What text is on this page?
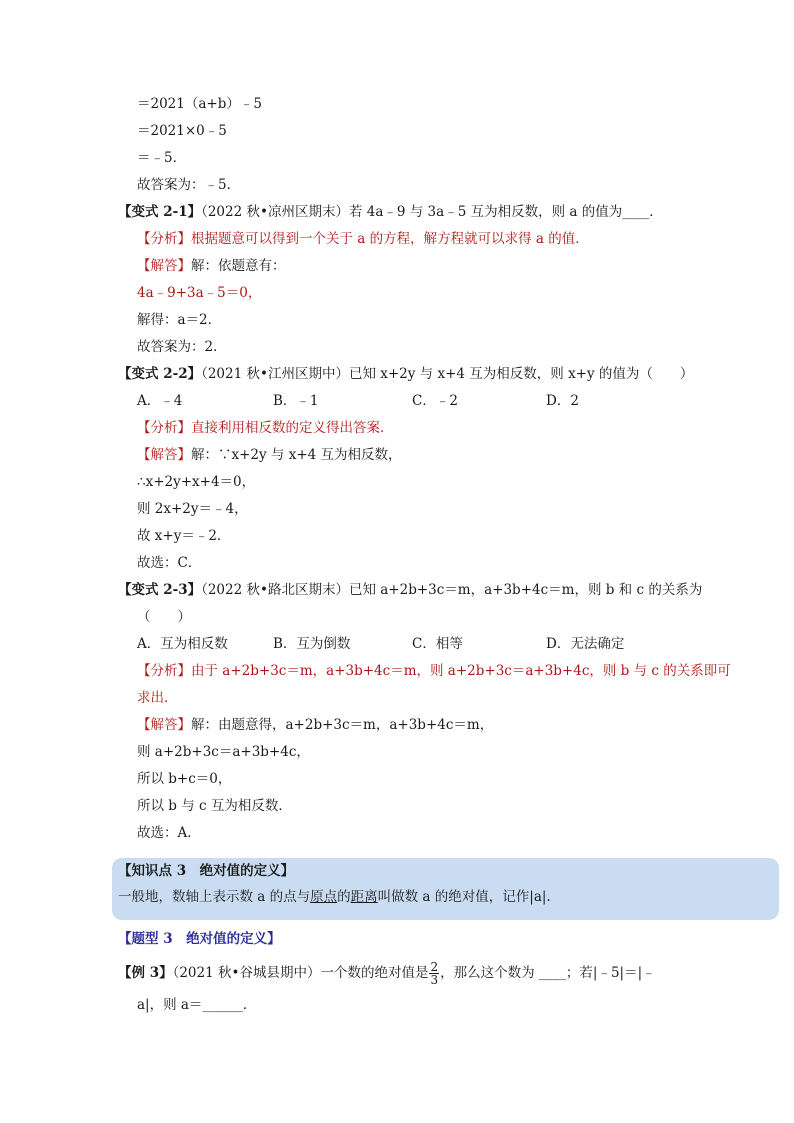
＝2021（a+b）﹣5
＝2021×0﹣5
＝﹣5．
故答案为：﹣5．
【变式 2-1】（2022 秋•凉州区期末）若 4a﹣9 与 3a﹣5 互为相反数，则 a 的值为____．
【分析】根据题意可以得到一个关于 a 的方程，解方程就可以求得 a 的值．
【解答】解：依题意有：
4a﹣9+3a﹣5＝0，
解得：a＝2．
故答案为：2．
【变式 2-2】（2021 秋•江州区期中）已知 x+2y 与 x+4 互为相反数，则 x+y 的值为（　　）
A．﹣4	B．﹣1	C．﹣2	D．2
【分析】直接利用相反数的定义得出答案．
【解答】解：∵x+2y 与 x+4 互为相反数，
∴x+2y+x+4＝0，
则 2x+2y＝﹣4，
故 x+y＝﹣2．
故选：C．
【变式 2-3】（2022 秋•路北区期末）已知 a+2b+3c＝m，a+3b+4c＝m，则 b 和 c 的关系为
（　　）
A．互为相反数	B．互为倒数	C．相等	D．无法确定
【分析】由于 a+2b+3c＝m，a+3b+4c＝m，则 a+2b+3c＝a+3b+4c，则 b 与 c 的关系即可
求出．
【解答】解：由题意得，a+2b+3c＝m，a+3b+4c＝m，
则 a+2b+3c＝a+3b+4c，
所以 b+c＝0，
所以 b 与 c 互为相反数．
故选：A．
【知识点 3　绝对值的定义】
一般地，数轴上表示数 a 的点与原点的距离叫做数 a 的绝对值，记作|a|.
【题型 3　绝对值的定义】
【例 3】（2021 秋•谷城县期中）一个数的绝对值是 $\frac{2}{3}$ ，那么这个数为 ____；若|﹣5|＝|﹣
a|，则 a＝______．
